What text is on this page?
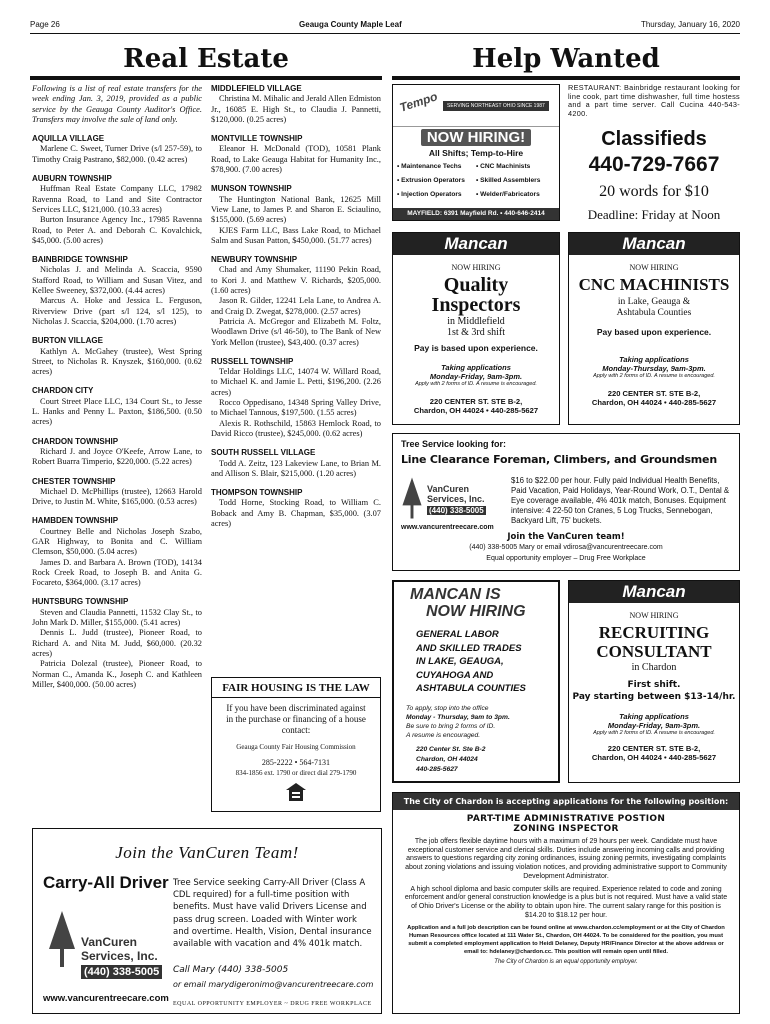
Page 26	Geauga County Maple Leaf	Thursday, January 16, 2020
Real Estate

Following is a list of real estate transfers for the week ending Jan. 3, 2019, provided as a public service by the Geauga County Auditor's Office. Transfers may involve the sale of land only.

AQUILLA VILLAGE

Marlene C. Sweet, Turner Drive (s/l 257-59), to Timothy Craig Pastrano, $82,000. (0.42 acres)

AUBURN TOWNSHIP

Huffman Real Estate Company LLC, 17982 Ravenna Road, to Land and Site Contractor Services LLC, $121,000. (10.33 acres)

Burton Insurance Agency Inc., 17985 Ravenna Road, to Peter A. and Deborah C. Kovalchick, $45,000. (5.00 acres)

BAINBRIDGE TOWNSHIP

Nicholas J. and Melinda A. Scaccia, 9590 Stafford Road, to William and Susan Vitez, and Kellee Sweeney, $372,000. (4.44 acres)

Marcus A. Hoke and Jessica L. Ferguson, Riverview Drive (part s/l 124, s/l 125), to Nicholas J. Scaccia, $204,000. (1.70 acres)

BURTON VILLAGE

Kathlyn A. McGahey (trustee), West Spring Street, to Nicholas R. Knyszek, $160,000. (0.62 acres)

CHARDON CITY

Court Street Place LLC, 134 Court St., to Jesse L. Hanks and Penny L. Paxton, $186,500. (0.50 acres)

CHARDON TOWNSHIP

Richard J. and Joyce O'Keefe, Arrow Lane, to Robert Buarra Timperio, $220,000. (5.22 acres)

CHESTER TOWNSHIP

Michael D. McPhillips (trustee), 12663 Harold Drive, to Justin M. White, $165,000. (0.53 acres)

HAMBDEN TOWNSHIP

Courtney Belle and Nicholas Joseph Szabo, GAR Highway, to Bonita and C. William Clemson, $50,000. (5.04 acres)

James D. and Barbara A. Brown (TOD), 14134 Rock Creek Road, to Joseph B. and Anita G. Focareto, $364,000. (3.17 acres)

HUNTSBURG TOWNSHIP

Steven and Claudia Pannetti, 11532 Clay St., to John Mark D. Miller, $155,000. (5.41 acres)

Dennis L. Judd (trustee), Pioneer Road, to Richard A. and Nita M. Judd, $60,000. (20.32 acres)

Patricia Dolezal (trustee), Pioneer Road, to Norman C., Amanda K., Joseph C. and Kathleen Miller, $400,000. (50.00 acres)

MIDDLEFIELD VILLAGE

Christina M. Mihalic and Jerald Allen Edmiston Jr., 16085 E. High St., to Claudia J. Pannetti, $120,000. (0.25 acres)

MONTVILLE TOWNSHIP

Eleanor H. McDonald (TOD), 10581 Plank Road, to Lake Geauga Habitat for Humanity Inc., $78,900. (7.00 acres)

MUNSON TOWNSHIP

The Huntington National Bank, 12625 Mill View Lane, to James P. and Sharon E. Sciaulino, $155,000. (5.69 acres)

KJES Farm LLC, Bass Lake Road, to Michael Salm and Susan Patton, $450,000. (51.77 acres)

NEWBURY TOWNSHIP

Chad and Amy Shumaker, 11190 Pekin Road, to Kori J. and Matthew V. Richards, $205,000. (1.60 acres)

Jason R. Gilder, 12241 Lela Lane, to Andrea A. and Craig D. Zwegat, $278,000. (2.57 acres)

Patricia A. McGregor and Elizabeth M. Foltz, Woodlawn Drive (s/l 46-50), to The Bank of New York Mellon (trustee), $43,400. (0.37 acres)

RUSSELL TOWNSHIP

Teldar Holdings LLC, 14074 W. Willard Road, to Michael K. and Jamie L. Petti, $196,200. (2.26 acres)

Rocco Oppedisano, 14348 Spring Valley Drive, to Michael Tannous, $197,500. (1.55 acres)

Alexis R. Rothschild, 15863 Hemlock Road, to David Ricco (trustee), $245,000. (0.62 acres)

SOUTH RUSSELL VILLAGE

Todd A. Zeitz, 123 Lakeview Lane, to Brian M. and Allison S. Blair, $215,000. (1.20 acres)

THOMPSON TOWNSHIP

Todd Horne, Stocking Road, to William C. Boback and Amy B. Chapman, $35,000. (3.07 acres)

FAIR HOUSING IS THE LAW
If you have been discriminated against in the purchase or financing of a house contact:
Geauga County Fair Housing Commission
285-2222 • 564-7131
834-1856 ext. 1790 or direct dial 279-1790
Join the VanCuren Team!
Carry-All Driver
VanCuren
Services, Inc.
(440) 338-5005
www.vancurentreecare.com
Tree Service seeking Carry-All Driver (Class A CDL required) for a full-time position with benefits. Must have valid Drivers License and pass drug screen. Loaded with Winter work and overtime. Health, Vision, Dental insurance available with vacation and 4% 401k match.
Call Mary (440) 338-5005
or email marydigeronimo@vancurentreecare.com
EQUAL OPPORTUNITY EMPLOYER ~ DRUG FREE WORKPLACE
Help Wanted
Tempo	SERVING NORTHEAST OHIO SINCE 1987
NOW HIRING!
All Shifts; Temp-to-Hire
• Maintenance Techs	• CNC Machinists
• Extrusion Operators	• Skilled Assemblers
• Injection Operators	• Welder/Fabricators
MAYFIELD: 6391 Mayfield Rd. • 440-646-2414
RESTAURANT: Bainbridge restaurant looking for line cook, part time dishwasher, full time hostess and a part time server. Call Cucina 440-543-4200.
Classifieds
440-729-7667
20 words for $10
Deadline: Friday at Noon
Mancan
NOW HIRING
Quality Inspectors
in Middlefield
1st & 3rd shift
Pay is based upon experience.
Taking applications
Monday-Friday, 9am-3pm.
Apply with 2 forms of ID. A resume is encouraged.
220 CENTER ST. STE B-2,
Chardon, OH 44024 • 440-285-5627
Mancan
NOW HIRING
CNC MACHINISTS
in Lake, Geauga & Ashtabula Counties
Pay based upon experience.
Taking applications
Monday-Thursday, 9am-3pm.
Apply with 2 forms of ID. A resume is encouraged.
220 CENTER ST. STE B-2,
Chardon, OH 44024 • 440-285-5627
Tree Service looking for:
Line Clearance Foreman, Climbers, and Groundsmen
VanCuren
Services, Inc.
(440) 338-5005
www.vancurentreecare.com
$16 to $22.00 per hour. Fully paid Individual Health Benefits, Paid Vacation, Paid Holidays, Year-Round Work, O.T., Dental & Eye coverage available, 4% 401k match, Bonuses. Equipment intensive: 4 22-50 ton Cranes, 5 Log Trucks, Sennebogan, Backyard Lift, 75' buckets.
Join the VanCuren team!
(440) 338-5005 Mary or email vdirosa@vancurentreecare.com
Equal opportunity employer – Drug Free Workplace
MANCAN IS
NOW HIRING
GENERAL LABOR
AND SKILLED TRADES
IN LAKE, GEAUGA,
CUYAHOGA AND
ASHTABULA COUNTIES
To apply, stop into the office
Monday - Thursday, 9am to 3pm.
Be sure to bring 2 forms of ID.
A resume is encouraged.
220 Center St. Ste B-2
Chardon, OH 44024
440-285-5627
Mancan
NOW HIRING
RECRUITING CONSULTANT
in Chardon
First shift.
Pay starting between $13-14/hr.
Taking applications
Monday-Friday, 9am-3pm.
Apply with 2 forms of ID. A resume is encouraged.
220 CENTER ST. STE B-2,
Chardon, OH 44024 • 440-285-5627
The City of Chardon is accepting applications for the following position:
PART-TIME ADMINISTRATIVE POSTION
ZONING INSPECTOR
The job offers flexible daytime hours with a maximum of 29 hours per week. Candidate must have exceptional customer service and clerical skills. Duties include answering incoming calls and providing answers to questions regarding city zoning ordinances, issuing zoning permits, investigating complaints about zoning violations and issuing violation notices, and providing administrative support to Community Development Administrator.
A high school diploma and basic computer skills are required. Experience related to code and zoning enforcement and/or general construction knowledge is a plus but is not required. Must have a valid state of Ohio Driver's License or the ability to obtain upon hire. The current salary range for this position is $14.20 to $18.12 per hour.
Application and a full job description can be found online at www.chardon.cc/employment or at the City of Chardon Human Resources office located at 111 Water St., Chardon, OH 44024. To be considered for the position, you must submit a completed employment application to Heidi Delaney, Deputy HR/Finance Director at the above address or email to: hdelaney@chardon.cc. This position will remain open until filled.
The City of Chardon is an equal opportunity employer.
